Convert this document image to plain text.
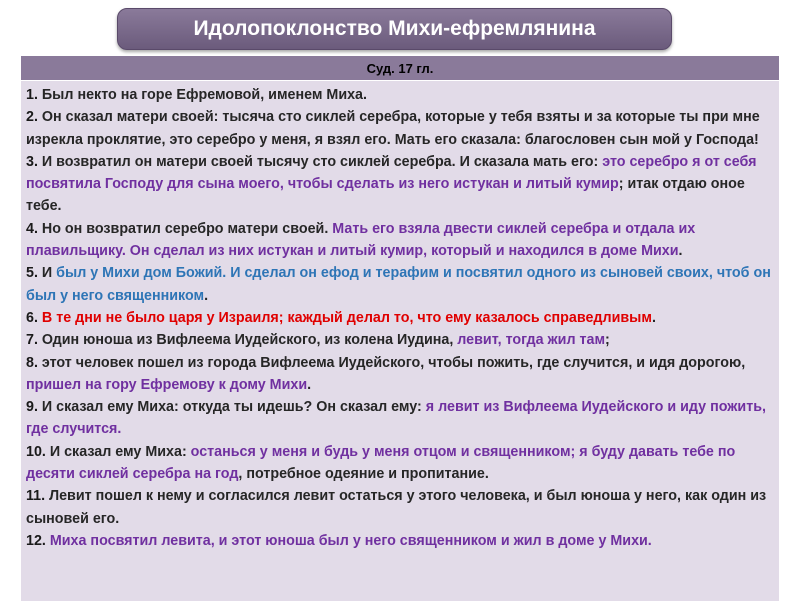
Идолопоклонство Михи-ефремлянина
Суд. 17 гл.

1. Был некто на горе Ефремовой, именем Миха.

2. Он сказал матери своей: тысяча сто сиклей серебра, которые у тебя взяты и за которые ты при мне изрекла проклятие, это серебро у меня, я взял его. Мать его сказала: благословен сын мой у Господа!

3. И возвратил он матери своей тысячу сто сиклей серебра. И сказала мать его: это серебро я от себя посвятила Господу для сына моего, чтобы сделать из него истукан и литый кумир; итак отдаю оное тебе.

4. Но он возвратил серебро матери своей. Мать его взяла двести сиклей серебра и отдала их плавильщику. Он сделал из них истукан и литый кумир, который и находился в доме Михи.

5. И был у Михи дом Божий. И сделал он ефод и терафим и посвятил одного из сыновей своих, чтоб он был у него священником.

6. В те дни не было царя у Израиля; каждый делал то, что ему казалось справедливым.

7. Один юноша из Вифлеема Иудейского, из колена Иудина, левит, тогда жил там;

8. этот человек пошел из города Вифлеема Иудейского, чтобы пожить, где случится, и идя дорогою, пришел на гору Ефремову к дому Михи.

9. И сказал ему Миха: откуда ты идешь? Он сказал ему: я левит из Вифлеема Иудейского и иду пожить, где случится.

10. И сказал ему Миха: останься у меня и будь у меня отцом и священником; я буду давать тебе по десяти сиклей серебра на год, потребное одеяние и пропитание.

11. Левит пошел к нему и согласился левит остаться у этого человека, и был юноша у него, как один из сыновей его.

12. Миха посвятил левита, и этот юноша был у него священником и жил в доме у Михи.
